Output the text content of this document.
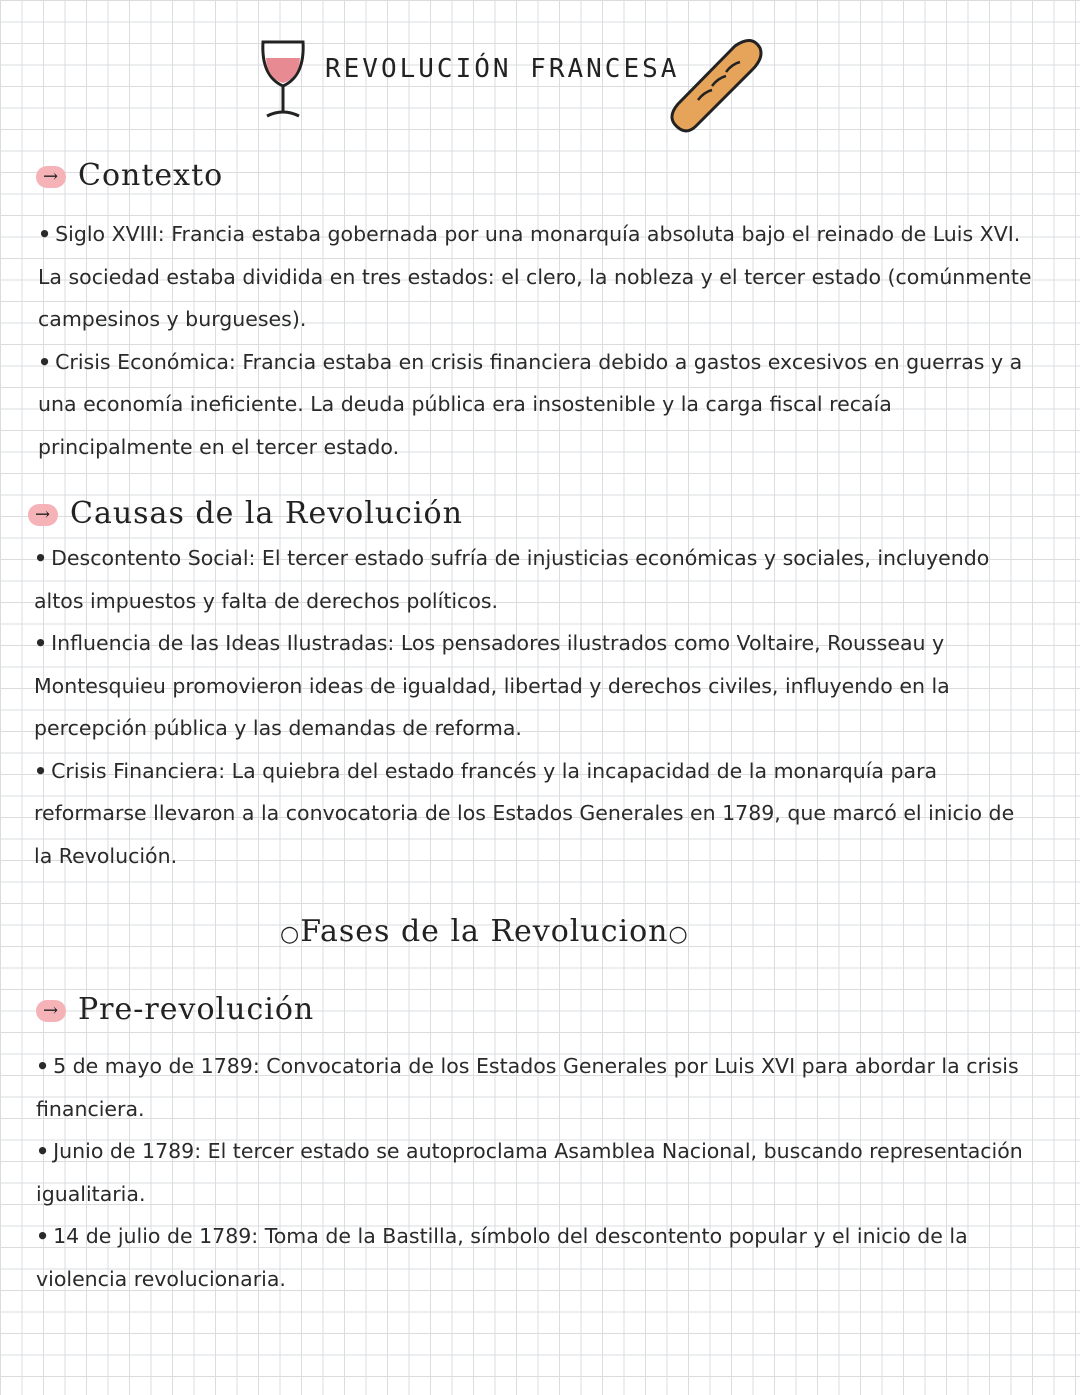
REVOLUCIÓN FRANCESA
→ Contexto

• Siglo XVIII: Francia estaba gobernada por una monarquía absoluta bajo el reinado de Luis XVI. La sociedad estaba dividida en tres estados: el clero, la nobleza y el tercer estado (comúnmente campesinos y burgueses).

• Crisis Económica: Francia estaba en crisis financiera debido a gastos excesivos en guerras y a una economía ineficiente. La deuda pública era insostenible y la carga fiscal recaía principalmente en el tercer estado.

→ Causas de la Revolución

• Descontento Social: El tercer estado sufría de injusticias económicas y sociales, incluyendo altos impuestos y falta de derechos políticos.

• Influencia de las Ideas Ilustradas: Los pensadores ilustrados como Voltaire, Rousseau y Montesquieu promovieron ideas de igualdad, libertad y derechos civiles, influyendo en la percepción pública y las demandas de reforma.

• Crisis Financiera: La quiebra del estado francés y la incapacidad de la monarquía para reformarse llevaron a la convocatoria de los Estados Generales en 1789, que marcó el inicio de la Revolución.

○Fases de la Revolucion○
→ Pre-revolución

• 5 de mayo de 1789: Convocatoria de los Estados Generales por Luis XVI para abordar la crisis financiera.

• Junio de 1789: El tercer estado se autoproclama Asamblea Nacional, buscando representación igualitaria.

• 14 de julio de 1789: Toma de la Bastilla, símbolo del descontento popular y el inicio de la violencia revolucionaria.
